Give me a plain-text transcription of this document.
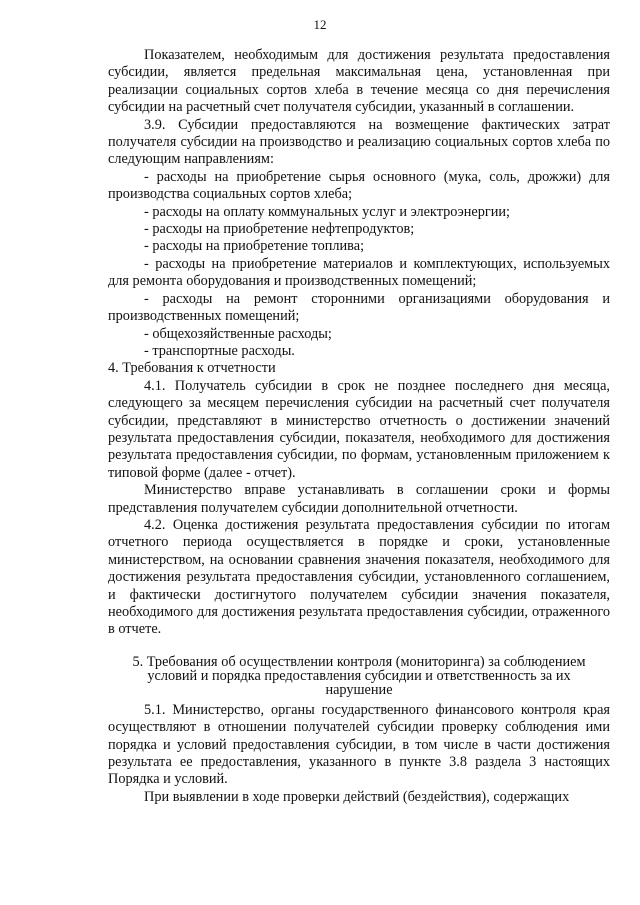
12

Показателем, необходимым для достижения результата предоставления субсидии, является предельная максимальная цена, установленная при реализации социальных сортов хлеба в течение месяца со дня перечисления субсидии на расчетный счет получателя субсидии, указанный в соглашении.

3.9. Субсидии предоставляются на возмещение фактических затрат получателя субсидии на производство и реализацию социальных сортов хлеба по следующим направлениям:

- расходы на приобретение сырья основного (мука, соль, дрожжи) для производства социальных сортов хлеба;

- расходы на оплату коммунальных услуг и электроэнергии;

- расходы на приобретение нефтепродуктов;

- расходы на приобретение топлива;

- расходы на приобретение материалов и комплектующих, используемых для ремонта оборудования и производственных помещений;

- расходы на ремонт сторонними организациями оборудования и производственных помещений;

- общехозяйственные расходы;

- транспортные расходы.

4. Требования к отчетности

4.1. Получатель субсидии в срок не позднее последнего дня месяца, следующего за месяцем перечисления субсидии на расчетный счет получателя субсидии, представляют в министерство отчетность о достижении значений результата предоставления субсидии, показателя, необходимого для достижения результата предоставления субсидии, по формам, установленным приложением к типовой форме (далее - отчет).

Министерство вправе устанавливать в соглашении сроки и формы представления получателем субсидии дополнительной отчетности.

4.2. Оценка достижения результата предоставления субсидии по итогам отчетного периода осуществляется в порядке и сроки, установленные министерством, на основании сравнения значения показателя, необходимого для достижения результата предоставления субсидии, установленного соглашением, и фактически достигнутого получателем субсидии значения показателя, необходимого для достижения результата предоставления субсидии, отраженного в отчете.

5. Требования об осуществлении контроля (мониторинга) за соблюдением
условий и порядка предоставления субсидии и ответственность за их
нарушение

5.1. Министерство, органы государственного финансового контроля края осуществляют в отношении получателей субсидии проверку соблюдения ими порядка и условий предоставления субсидии, в том числе в части достижения результата ее предоставления, указанного в пункте 3.8 раздела 3 настоящих Порядка и условий.

При выявлении в ходе проверки действий (бездействия), содержащих
